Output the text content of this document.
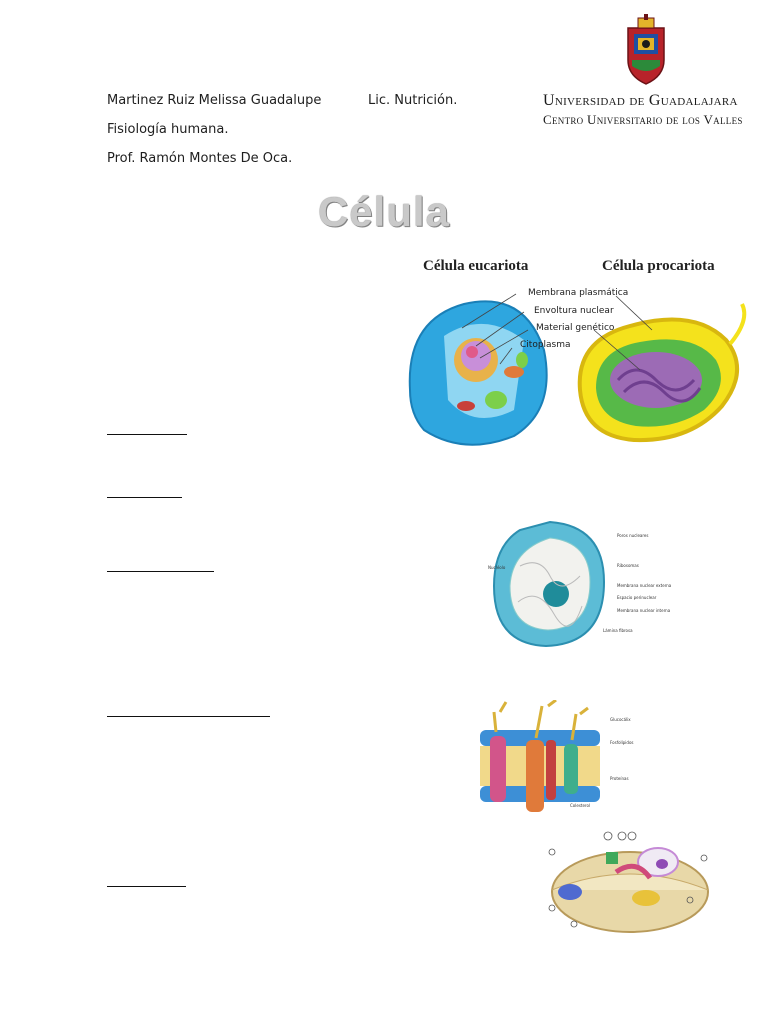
Martinez Ruiz Melissa Guadalupe	Lic. Nutrición.
Fisiología humana.
Prof. Ramón Montes De Oca.
Universidad de Guadalajara
Centro Universitario de los Valles
Célula
Célula eucariota	Célula procariota
Membrana plasmática
Envoltura nuclear
Material genético
Citoplasma
Nucléolo
Poros nucleares
Ribosomas
Membrana nuclear externa
Espacio perinuclear
Membrana nuclear interna
Lámina fibrosa
Glucocálix
Fosfolípidos
Proteínas
Colesterol
